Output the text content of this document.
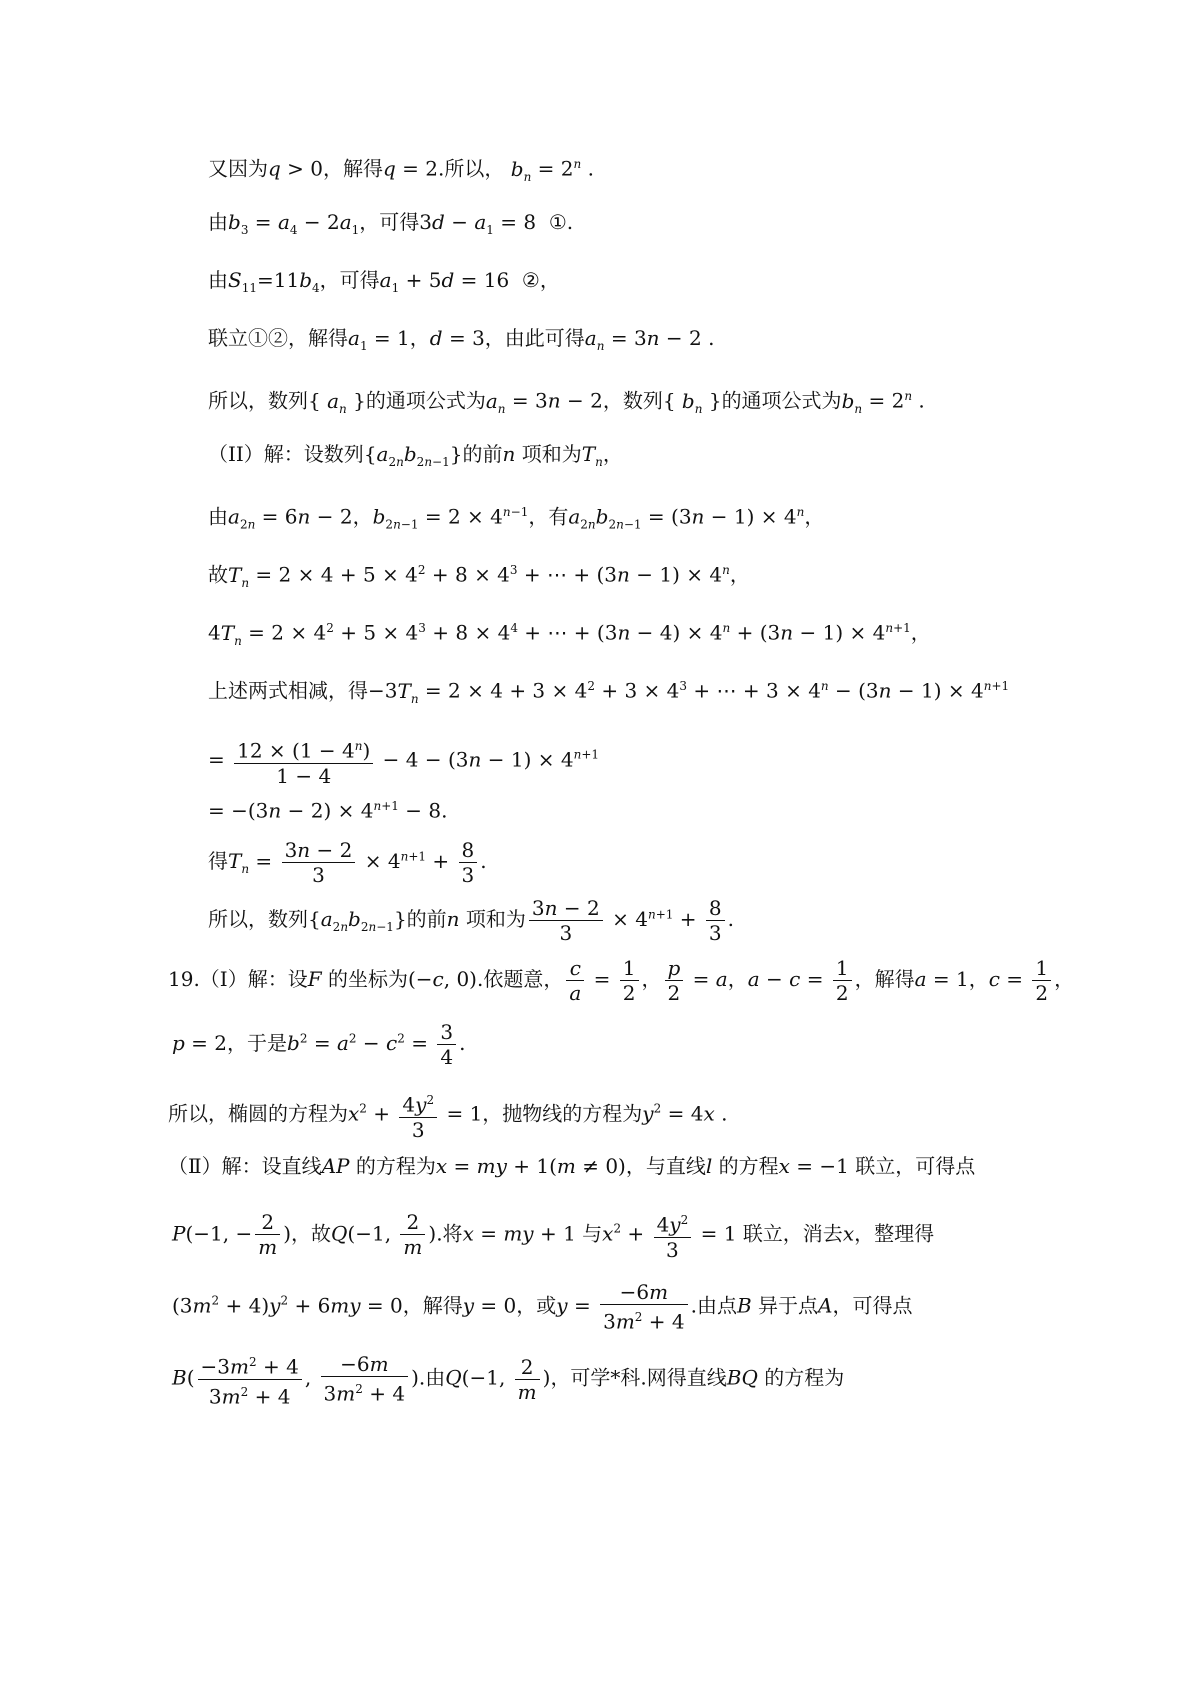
又因为q > 0，解得q = 2.所以， $b_n = 2^n$ .
由$b_3 = a_4 - 2a_1$，可得$3d - a_1 = 8$  ①.
由$S_{11}=11b_4$，可得$a_1 + 5d = 16$  ②，
联立①②，解得$a_1 = 1$，d = 3，由此可得$a_n = 3n - 2$ .
所以，数列{ $a_n$ }的通项公式为$a_n = 3n - 2$，数列{ $b_n$ }的通项公式为$b_n = 2^n$ .
（II）解：设数列$\{a_{2n}b_{2n-1}\}$的前n 项和为$T_n$，
由$a_{2n} = 6n - 2$，$b_{2n-1} = 2 \times 4^{n-1}$，有$a_{2n}b_{2n-1} = (3n - 1) \times 4^n$，
故$T_n = 2 \times 4 + 5 \times 4^2 + 8 \times 4^3$ + ⋯ + $(3n - 1) \times 4^n$，
$4T_n = 2 \times 4^2 + 5 \times 4^3 + 8 \times 4^4$ + ⋯ + $(3n - 4) \times 4^n + (3n - 1) \times 4^{n+1}$，
上述两式相减，得$-3T_n = 2 \times 4 + 3 \times 4^2 + 3 \times 4^3$ + ⋯ + $3 \times 4^n - (3n - 1) \times 4^{n+1}$
= $\frac{12 \times (1 - 4^n)}{1 - 4} - 4 - (3n - 1) \times 4^{n+1}$
= $-(3n - 2) \times 4^{n+1} - 8$.
得$T_n = \frac{3n - 2}{3} \times 4^{n+1} + \frac{8}{3}$ .
所以，数列$\{a_{2n}b_{2n-1}\}$的前n 项和为 $\frac{3n - 2}{3} \times 4^{n+1} + \frac{8}{3}$ .
19.（Ⅰ）解：设F 的坐标为(−c, 0).依题意， $\frac{c}{a} = \frac{1}{2}$ ， $\frac{p}{2} = a$，$a - c = \frac{1}{2}$ ，解得a = 1，$c = \frac{1}{2}$ ，
p = 2，于是$b^2 = a^2 - c^2 = \frac{3}{4}$ .
所以，椭圆的方程为$x^2 + \frac{4y^2}{3} = 1$，抛物线的方程为$y^2 = 4x$ .
（Ⅱ）解：设直线AP 的方程为x = my + 1(m ≠ 0)，与直线l 的方程x = −1 联立，可得点
P(−1, − $\frac{2}{m}$ )，故Q(−1, $\frac{2}{m}$ ).将x = my + 1 与$x^2 + \frac{4y^2}{3} = 1$ 联立，消去x，整理得
$(3m^2 + 4)y^2 + 6my = 0$，解得y = 0，或$y = \frac{-6m}{3m^2 + 4}$ .由点B 异于点A，可得点
$B( \frac{-3m^2 + 4}{3m^2 + 4}$ , $\frac{-6m}{3m^2 + 4}$ ).由Q(−1, $\frac{2}{m}$ )，可学*科.网得直线BQ 的方程为
